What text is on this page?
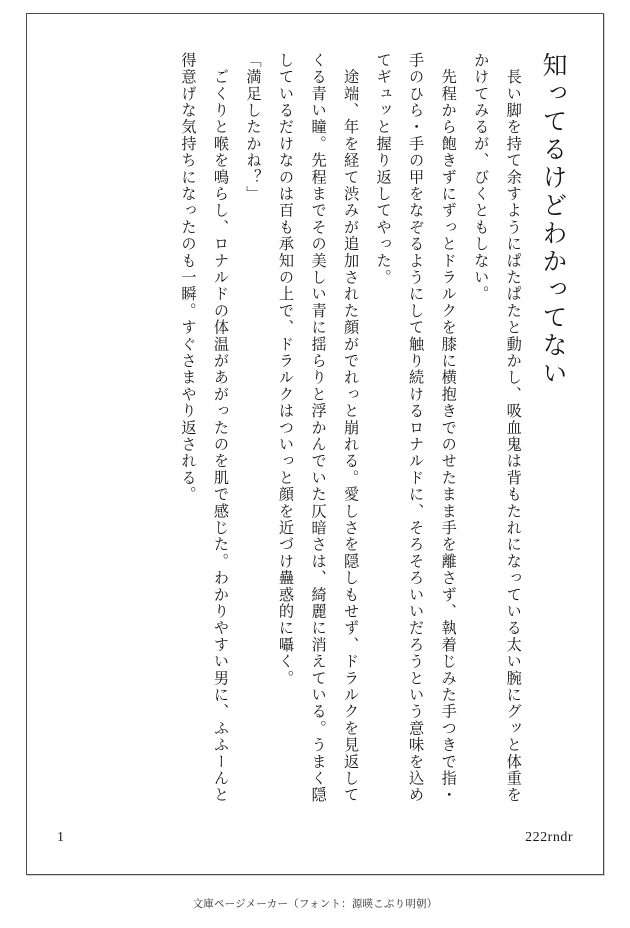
知ってるけどわかってない

　長い脚を持て余すようにぱたぱたと動かし、吸血鬼は背もたれになっている太い腕にグッと体重をかけてみるが、びくともしない。

　先程から飽きずにずっとドラルクを膝に横抱きでのせたまま手を離さず、執着じみた手つきで指・手のひら・手の甲をなぞるようにして触り続けるロナルドに、そろそろいいだろうという意味を込めてギュッと握り返してやった。

　途端、年を経て渋みが追加された顔がでれっと崩れる。愛しさを隠しもせず、ドラルクを見返してくる青い瞳。先程までその美しい青に揺らりと浮かんでいた仄暗さは、綺麗に消えている。うまく隠しているだけなのは百も承知の上で、ドラルクはついっと顔を近づけ蠱惑的に囁く。

「満足したかね？」

　ごくりと喉を鳴らし、ロナルドの体温があがったのを肌で感じた。わかりやすい男に、ふふーんと得意げな気持ちになったのも一瞬。すぐさまやり返される。

1	222rndr
文庫ページメーカー（フォント：源暎こぶり明朝）
